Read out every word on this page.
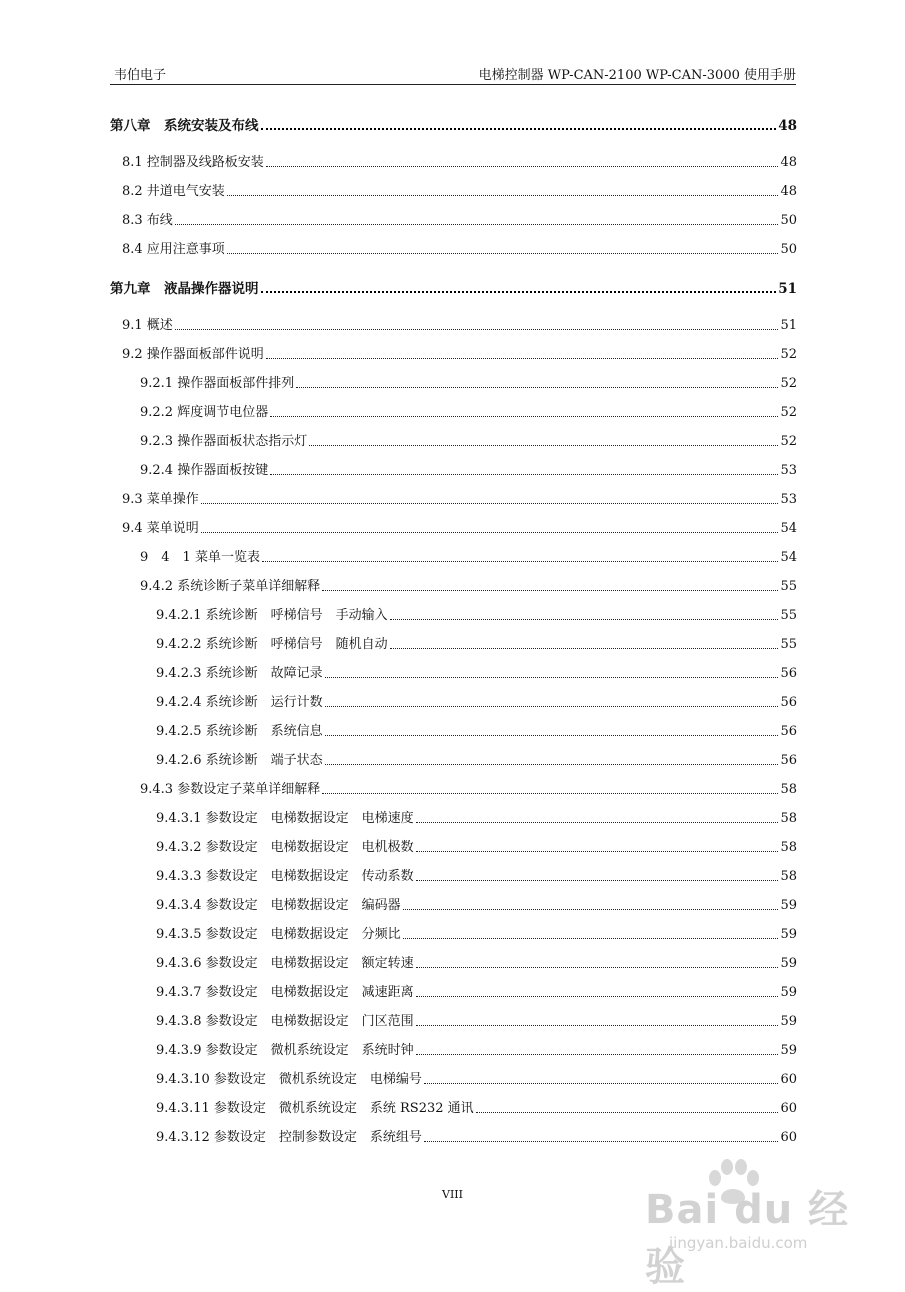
韦伯电子	电梯控制器 WP-CAN-2100 WP-CAN-3000 使用手册
第八章　系统安装及布线	48
8.1 控制器及线路板安装	48
8.2 井道电气安装	48
8.3 布线	50
8.4 应用注意事项	50
第九章　液晶操作器说明	51
9.1 概述	51
9.2 操作器面板部件说明	52
9.2.1 操作器面板部件排列	52
9.2.2 辉度调节电位器	52
9.2.3 操作器面板状态指示灯	52
9.2.4 操作器面板按键	53
9.3 菜单操作	53
9.4 菜单说明	54
9　4　1 菜单一览表	54
9.4.2 系统诊断子菜单详细解释	55
9.4.2.1 系统诊断　呼梯信号　手动输入	55
9.4.2.2 系统诊断　呼梯信号　随机自动	55
9.4.2.3 系统诊断　故障记录	56
9.4.2.4 系统诊断　运行计数	56
9.4.2.5 系统诊断　系统信息	56
9.4.2.6 系统诊断　端子状态	56
9.4.3 参数设定子菜单详细解释	58
9.4.3.1 参数设定　电梯数据设定　电梯速度	58
9.4.3.2 参数设定　电梯数据设定　电机极数	58
9.4.3.3 参数设定　电梯数据设定　传动系数	58
9.4.3.4 参数设定　电梯数据设定　编码器	59
9.4.3.5 参数设定　电梯数据设定　分频比	59
9.4.3.6 参数设定　电梯数据设定　额定转速	59
9.4.3.7 参数设定　电梯数据设定　减速距离	59
9.4.3.8 参数设定　电梯数据设定　门区范围	59
9.4.3.9 参数设定　微机系统设定　系统时钟	59
9.4.3.10 参数设定　微机系统设定　电梯编号	60
9.4.3.11 参数设定　微机系统设定　系统 RS232 通讯	60
9.4.3.12 参数设定　控制参数设定　系统组号	60
VIII	Bai du 经验
jingyan.baidu.com
